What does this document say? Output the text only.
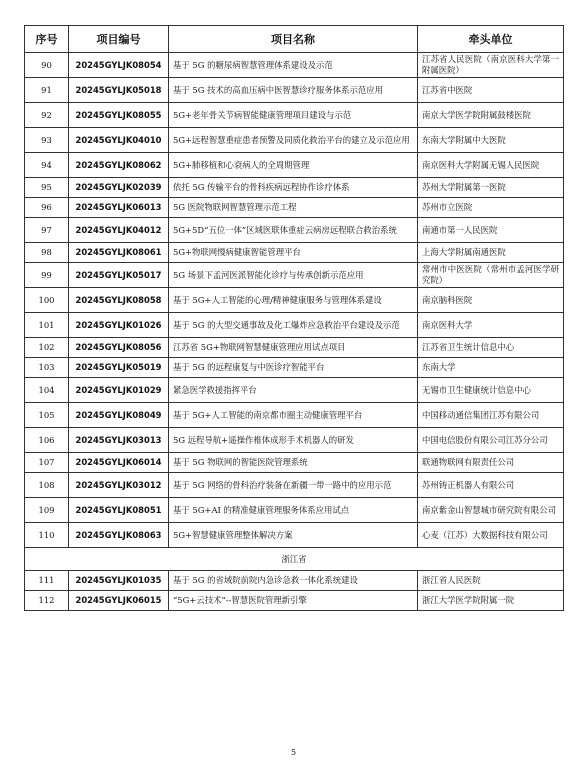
序号	项目编号	项目名称	牵头单位
90	20245GYLJK08054	基于 5G 的糖尿病智慧管理体系建设及示范	江苏省人民医院（南京医科大学第一附属医院）
91	20245GYLJK05018	基于 5G 技术的高血压病中医智慧诊疗服务体系示范应用	江苏省中医院
92	20245GYLJK08055	5G+老年骨关节病智能健康管理项目建设与示范	南京大学医学院附属鼓楼医院
93	20245GYLJK04010	5G+远程智慧重症患者预警及同质化救治平台的建立及示范应用	东南大学附属中大医院
94	20245GYLJK08062	5G+肺移植和心衰病人的全周期管理	南京医科大学附属无锡人民医院
95	20245GYLJK02039	依托 5G 传输平台的骨科疾病远程协作诊疗体系	苏州大学附属第一医院
96	20245GYLJK06013	5G 医院物联网智慧管理示范工程	苏州市立医院
97	20245GYLJK04012	5G+5D“五位一体”区域医联体重症云病房远程联合救治系统	南通市第一人民医院
98	20245GYLJK08061	5G+物联网慢病健康智能管理平台	上海大学附属南通医院
99	20245GYLJK05017	5G 场景下孟河医派智能化诊疗与传承创新示范应用	常州市中医医院（常州市孟河医学研究院）
100	20245GYLJK08058	基于 5G+人工智能的心理/精神健康服务与管理体系建设	南京脑科医院
101	20245GYLJK01026	基于 5G 的大型交通事故及化工爆炸应急救治平台建设及示范	南京医科大学
102	20245GYLJK08056	江苏省 5G+物联网智慧健康管理应用试点项目	江苏省卫生统计信息中心
103	20245GYLJK05019	基于 5G 的远程康复与中医诊疗智能平台	东南大学
104	20245GYLJK01029	紧急医学救援指挥平台	无锡市卫生健康统计信息中心
105	20245GYLJK08049	基于 5G+人工智能的南京都市圈主动健康管理平台	中国移动通信集团江苏有限公司
106	20245GYLJK03013	5G 远程导航+遥操作椎体成形手术机器人的研发	中国电信股份有限公司江苏分公司
107	20245GYLJK06014	基于 5G 物联网的智能医院管理系统	联通物联网有限责任公司
108	20245GYLJK03012	基于 5G 网络的骨科治疗装备在新疆一带一路中的应用示范	苏州铸正机器人有限公司
109	20245GYLJK08051	基于 5G+AI 的精准健康管理服务体系应用试点	南京紫金山智慧城市研究院有限公司
110	20245GYLJK08063	5G+智慧健康管理整体解决方案	心麦（江苏）大数据科技有限公司
浙江省			
111	20245GYLJK01035	基于 5G 的省域院前院内急诊急救一体化系统建设	浙江省人民医院
112	20245GYLJK06015	“5G+云技术”--智慧医院管理新引擎	浙江大学医学院附属一院
5
